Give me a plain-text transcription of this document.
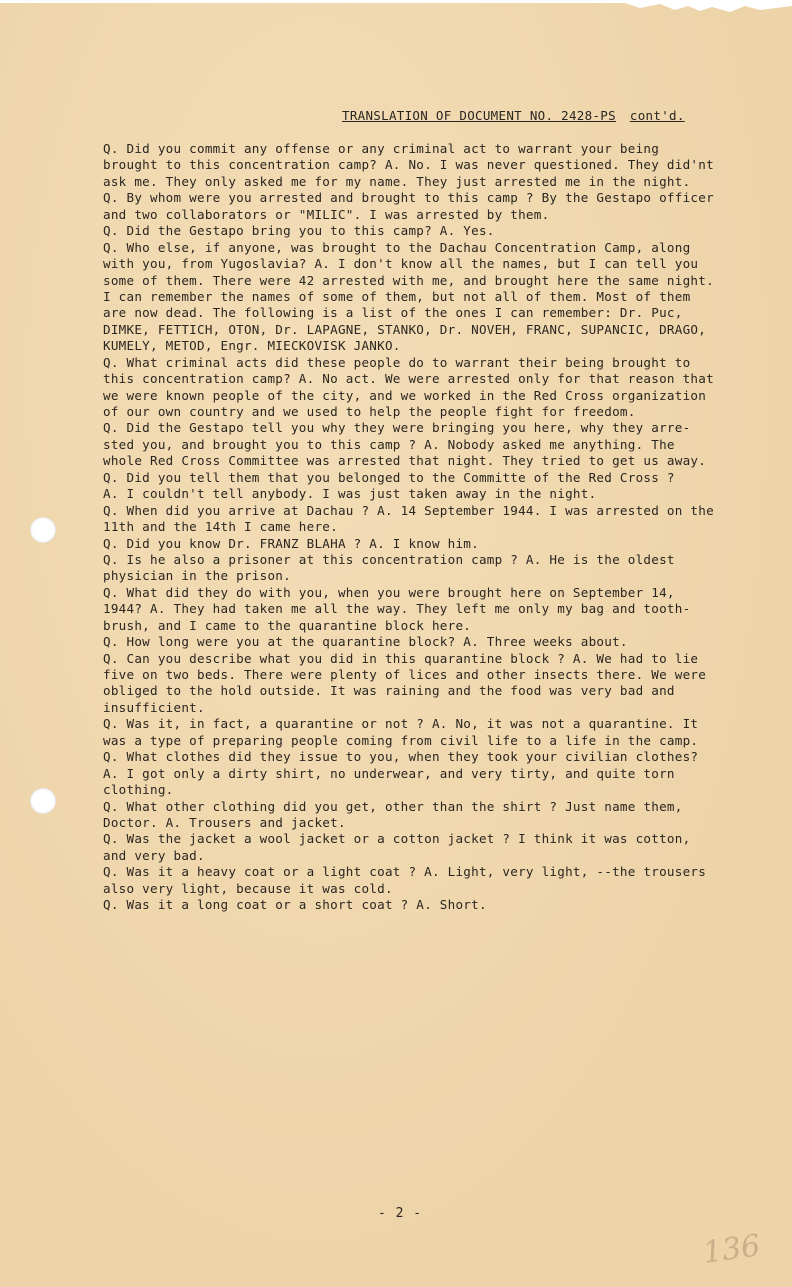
TRANSLATION OF DOCUMENT NO. 2428-PS cont'd.
Q. Did you commit any offense or any criminal act to warrant your being
brought to this concentration camp? A. No. I was never questioned. They did'nt
ask me. They only asked me for my name. They just arrested me in the night.
Q. By whom were you arrested and brought to this camp ? By the Gestapo officer
and two collaborators or "MILIC". I was arrested by them.
Q. Did the Gestapo bring you to this camp? A. Yes.
Q. Who else, if anyone, was brought to the Dachau Concentration Camp, along
with you, from Yugoslavia? A. I don't know all the names, but I can tell you
some of them. There were 42 arrested with me, and brought here the same night.
I can remember the names of some of them, but not all of them. Most of them
are now dead. The following is a list of the ones I can remember: Dr. Puc,
DIMKE, FETTICH, OTON, Dr. LAPAGNE, STANKO, Dr. NOVEH, FRANC, SUPANCIC, DRAGO,
KUMELY, METOD, Engr. MIECKOVISK JANKO.
Q. What criminal acts did these people do to warrant their being brought to
this concentration camp? A. No act. We were arrested only for that reason that
we were known people of the city, and we worked in the Red Cross organization
of our own country and we used to help the people fight for freedom.
Q. Did the Gestapo tell you why they were bringing you here, why they arre-
sted you, and brought you to this camp ? A. Nobody asked me anything. The
whole Red Cross Committee was arrested that night. They tried to get us away.
Q. Did you tell them that you belonged to the Committe of the Red Cross ?
A. I couldn't tell anybody. I was just taken away in the night.
Q. When did you arrive at Dachau ? A. 14 September 1944. I was arrested on the
11th and the 14th I came here.
Q. Did you know Dr. FRANZ BLAHA ? A. I know him.
Q. Is he also a prisoner at this concentration camp ? A. He is the oldest
physician in the prison.
Q. What did they do with you, when you were brought here on September 14,
1944? A. They had taken me all the way. They left me only my bag and tooth-
brush, and I came to the quarantine block here.
Q. How long were you at the quarantine block? A. Three weeks about.
Q. Can you describe what you did in this quarantine block ? A. We had to lie
five on two beds. There were plenty of lices and other insects there. We were
obliged to the hold outside. It was raining and the food was very bad and
insufficient.
Q. Was it, in fact, a quarantine or not ? A. No, it was not a quarantine. It
was a type of preparing people coming from civil life to a life in the camp.
Q. What clothes did they issue to you, when they took your civilian clothes?
A. I got only a dirty shirt, no underwear, and very tirty, and quite torn
clothing.
Q. What other clothing did you get, other than the shirt ? Just name them,
Doctor. A. Trousers and jacket.
Q. Was the jacket a wool jacket or a cotton jacket ? I think it was cotton,
and very bad.
Q. Was it a heavy coat or a light coat ? A. Light, very light, --the trousers
also very light, because it was cold.
Q. Was it a long coat or a short coat ? A. Short.
- 2 -
136
